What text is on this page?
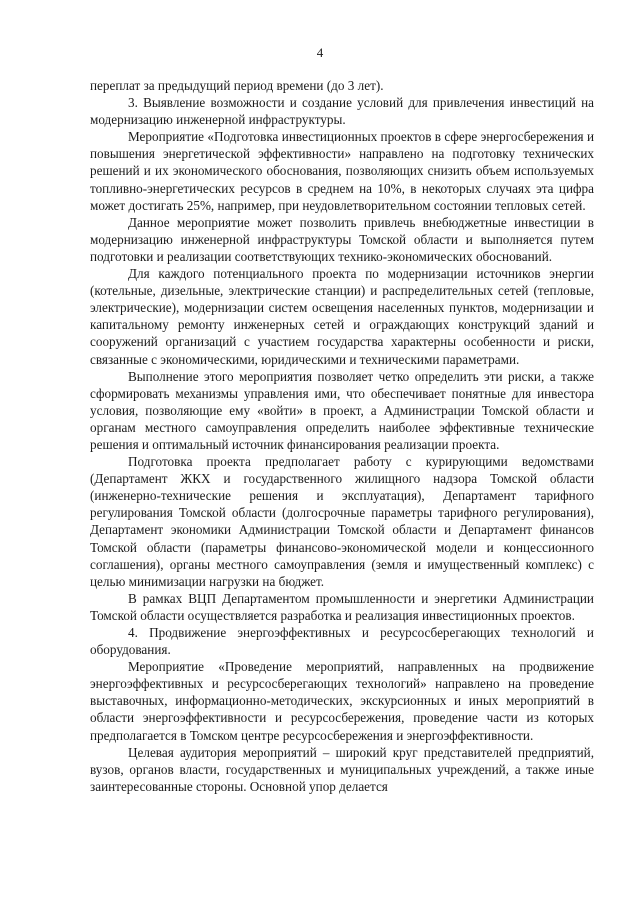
4

переплат за предыдущий период времени (до 3 лет).

3. Выявление возможности и создание условий для привлечения инвестиций на модернизацию инженерной инфраструктуры.

Мероприятие «Подготовка инвестиционных проектов в сфере энергосбережения и повышения энергетической эффективности» направлено на подготовку технических решений и их экономического обоснования, позволяющих снизить объем используемых топливно-энергетических ресурсов в среднем на 10%, в некоторых случаях эта цифра может достигать 25%, например, при неудовлетворительном состоянии тепловых сетей.

Данное мероприятие может позволить привлечь внебюджетные инвестиции в модернизацию инженерной инфраструктуры Томской области и выполняется путем подготовки и реализации соответствующих технико-экономических обоснований.

Для каждого потенциального проекта по модернизации источников энергии (котельные, дизельные, электрические станции) и распределительных сетей (тепловые, электрические), модернизации систем освещения населенных пунктов, модернизации и капитальному ремонту инженерных сетей и ограждающих конструкций зданий и сооружений организаций с участием государства характерны особенности и риски, связанные с экономическими, юридическими и техническими параметрами.

Выполнение этого мероприятия позволяет четко определить эти риски, а также сформировать механизмы управления ими, что обеспечивает понятные для инвестора условия, позволяющие ему «войти» в проект, а Администрации Томской области и органам местного самоуправления определить наиболее эффективные технические решения и оптимальный источник финансирования реализации проекта.

Подготовка проекта предполагает работу с курирующими ведомствами (Департамент ЖКХ и государственного жилищного надзора Томской области (инженерно-технические решения и эксплуатация), Департамент тарифного регулирования Томской области (долгосрочные параметры тарифного регулирования), Департамент экономики Администрации Томской области и Департамент финансов Томской области (параметры финансово-экономической модели и концессионного соглашения), органы местного самоуправления (земля и имущественный комплекс) с целью минимизации нагрузки на бюджет.

В рамках ВЦП Департаментом промышленности и энергетики Администрации Томской области осуществляется разработка и реализация инвестиционных проектов.

4. Продвижение энергоэффективных и ресурсосберегающих технологий и оборудования.

Мероприятие «Проведение мероприятий, направленных на продвижение энергоэффективных и ресурсосберегающих технологий» направлено на проведение выставочных, информационно-методических, экскурсионных и иных мероприятий в области энергоэффективности и ресурсосбережения, проведение части из которых предполагается в Томском центре ресурсосбережения и энергоэффективности.

Целевая аудитория мероприятий – широкий круг представителей предприятий, вузов, органов власти, государственных и муниципальных учреждений, а также иные заинтересованные стороны. Основной упор делается
